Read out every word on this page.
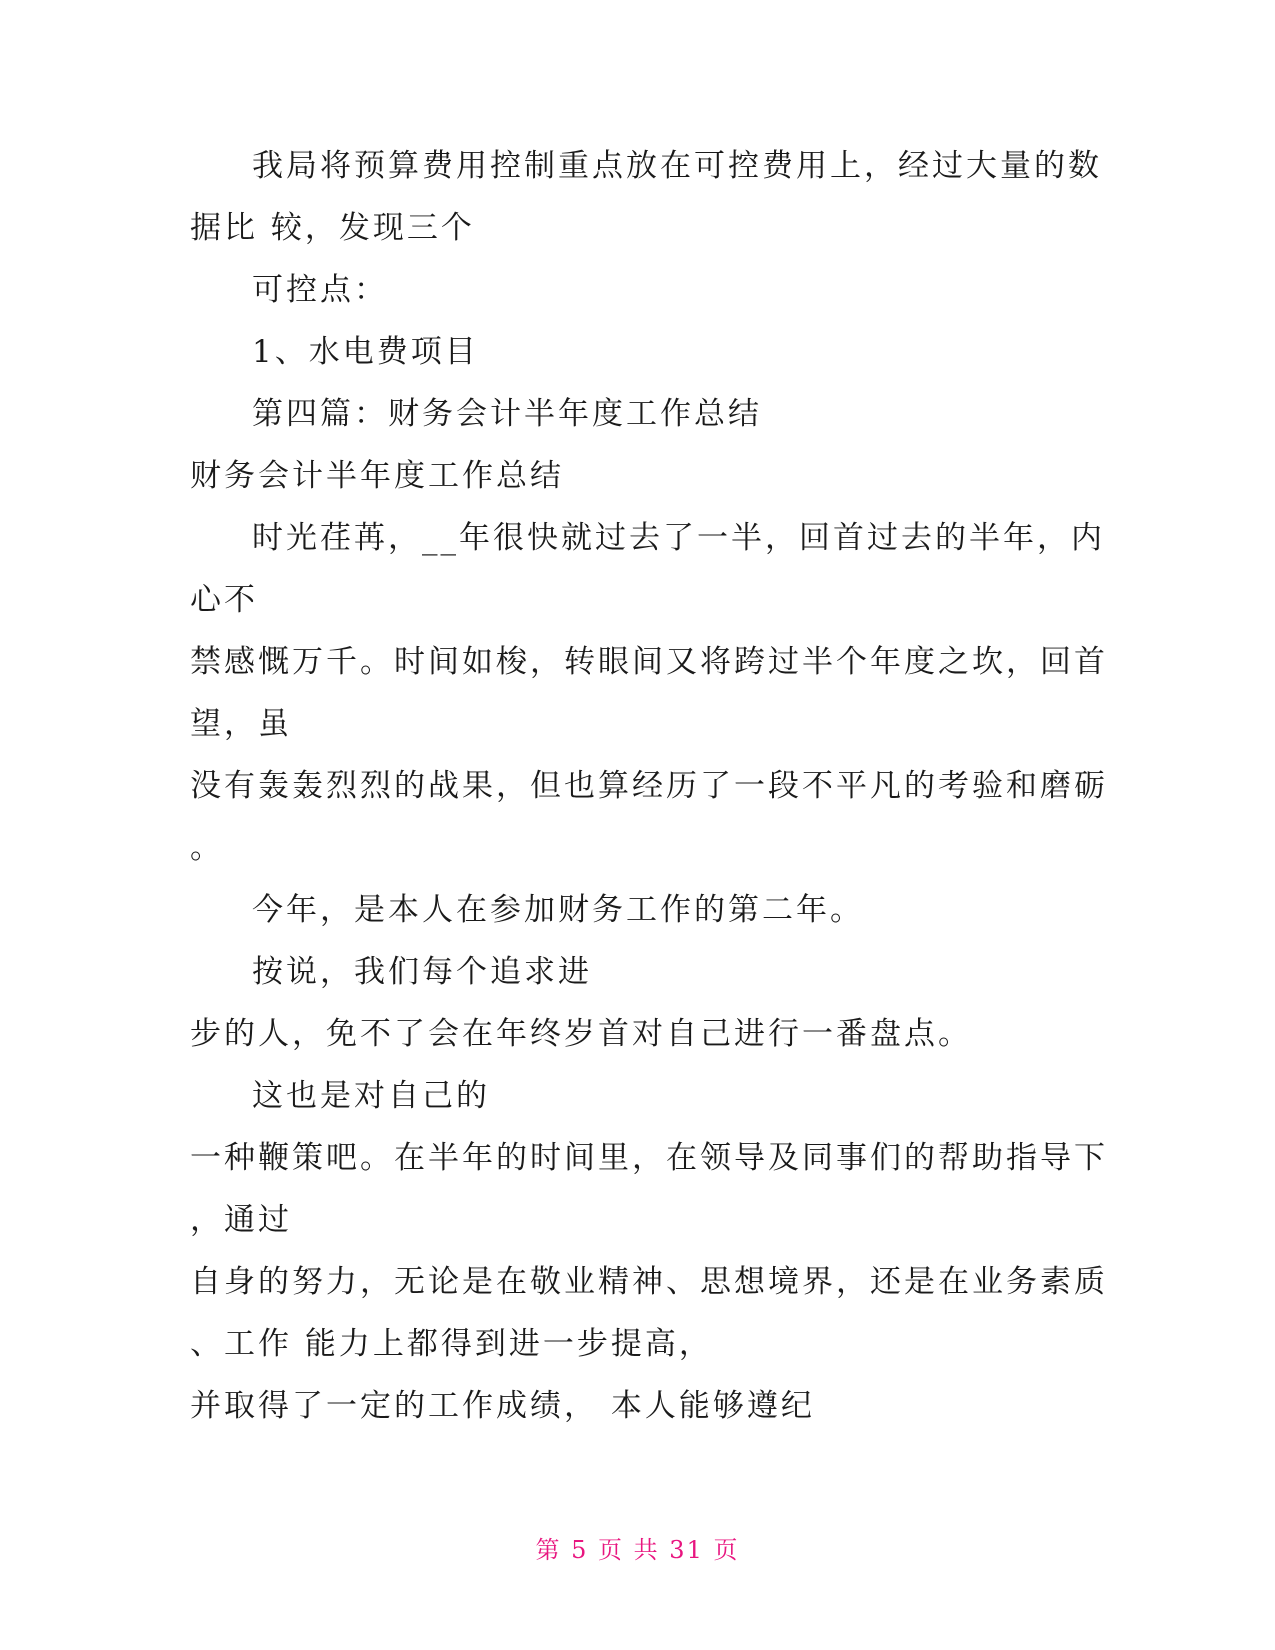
我局将预算费用控制重点放在可控费用上，经过大量的数
据比 较，发现三个
可控点：
1、水电费项目
第四篇：财务会计半年度工作总结
财务会计半年度工作总结
时光荏苒，__年很快就过去了一半，回首过去的半年，内
心不
禁感慨万千。时间如梭，转眼间又将跨过半个年度之坎，回首
望，虽
没有轰轰烈烈的战果，但也算经历了一段不平凡的考验和磨砺
。
今年，是本人在参加财务工作的第二年。
按说，我们每个追求进
步的人，免不了会在年终岁首对自己进行一番盘点。
这也是对自己的
一种鞭策吧。在半年的时间里，在领导及同事们的帮助指导下
，通过
自身的努力，无论是在敬业精神、思想境界，还是在业务素质
、工作 能力上都得到进一步提高，
并取得了一定的工作成绩， 本人能够遵纪
第 5 页 共 31 页
